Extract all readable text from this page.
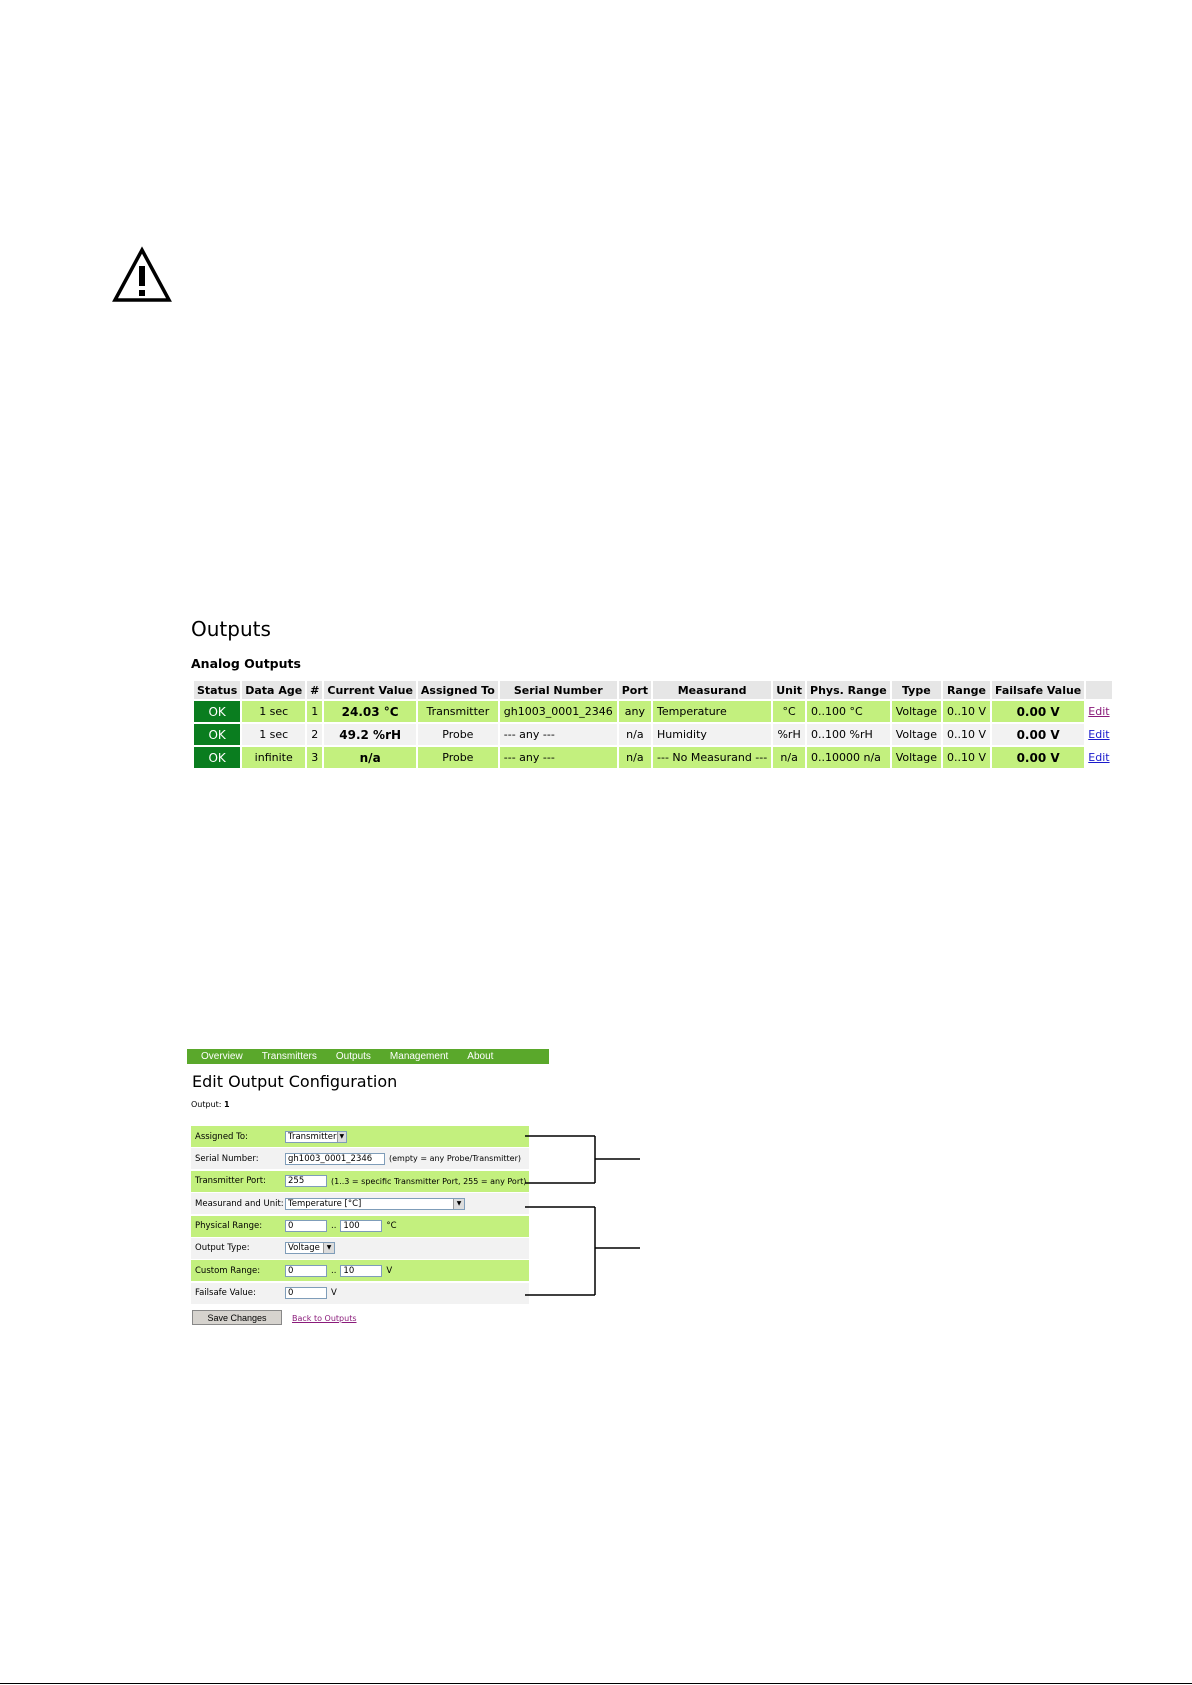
Outputs
Analog Outputs
Status	Data Age	#	Current Value	Assigned To	Serial Number	Port	Measurand	Unit	Phys. Range	Type	Range	Failsafe Value	
OK	1 sec	1	24.03 °C	Transmitter	gh1003_0001_2346	any	Temperature	°C	0..100 °C	Voltage	0..10 V	0.00 V	Edit
OK	1 sec	2	49.2 %rH	Probe	--- any ---	n/a	Humidity	%rH	0..100 %rH	Voltage	0..10 V	0.00 V	Edit
OK	infinite	3	n/a	Probe	--- any ---	n/a	--- No Measurand ---	n/a	0..10000 n/a	Voltage	0..10 V	0.00 V	Edit
Overview Transmitters Outputs Management About
Edit Output Configuration
Output: 1
Assigned To:	Transmitter ▼
Serial Number:	gh1003_0001_2346	(empty = any Probe/Transmitter)
Transmitter Port:	255	(1..3 = specific Transmitter Port, 255 = any Port)
Measurand and Unit: Temperature [°C]	▼
Physical Range:	0	.. 100	°C
Output Type:	Voltage	▼
Custom Range:	0	.. 10	V
Failsafe Value:	0	V
Save Changes	Back to Outputs
